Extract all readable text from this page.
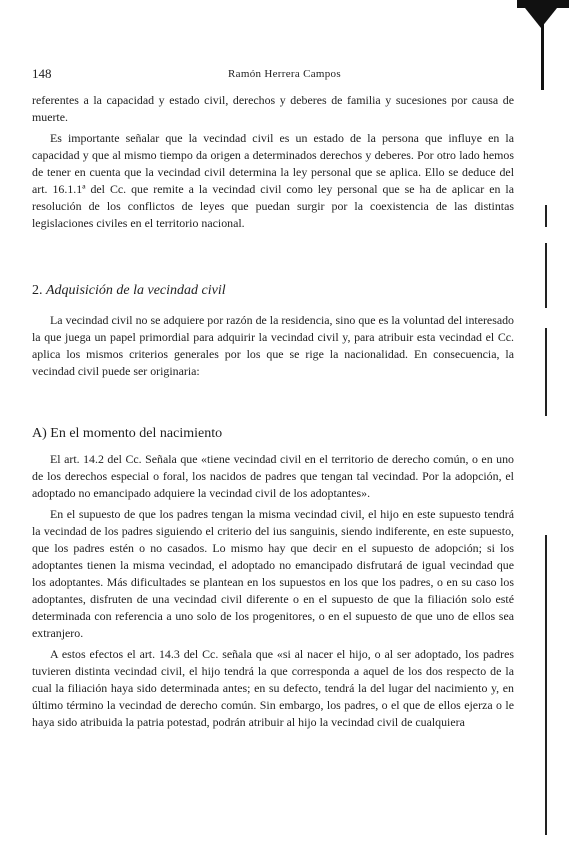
148	Ramón Herrera Campos

referentes a la capacidad y estado civil, derechos y deberes de familia y sucesiones por causa de muerte.

Es importante señalar que la vecindad civil es un estado de la persona que influye en la capacidad y que al mismo tiempo da origen a determinados derechos y deberes. Por otro lado hemos de tener en cuenta que la vecindad civil determina la ley personal que se aplica. Ello se deduce del art. 16.1.1ª del Cc. que remite a la vecindad civil como ley personal que se ha de aplicar en la resolución de los conflictos de leyes que puedan surgir por la coexistencia de las distintas legislaciones civiles en el territorio nacional.

2. Adquisición de la vecindad civil

La vecindad civil no se adquiere por razón de la residencia, sino que es la voluntad del interesado la que juega un papel primordial para adquirir la vecindad civil y, para atribuir esta vecindad el Cc. aplica los mismos criterios generales por los que se rige la nacionalidad. En consecuencia, la vecindad civil puede ser originaria:

A) En el momento del nacimiento

El art. 14.2 del Cc. Señala que «tiene vecindad civil en el territorio de derecho común, o en uno de los derechos especial o foral, los nacidos de padres que tengan tal vecindad. Por la adopción, el adoptado no emancipado adquiere la vecindad civil de los adoptantes».

En el supuesto de que los padres tengan la misma vecindad civil, el hijo en este supuesto tendrá la vecindad de los padres siguiendo el criterio del ius sanguinis, siendo indiferente, en este supuesto, que los padres estén o no casados. Lo mismo hay que decir en el supuesto de adopción; si los adoptantes tienen la misma vecindad, el adoptado no emancipado disfrutará de igual vecindad que los adoptantes. Más dificultades se plantean en los supuestos en los que los padres, o en su caso los adoptantes, disfruten de una vecindad civil diferente o en el supuesto de que la filiación solo esté determinada con referencia a uno solo de los progenitores, o en el supuesto de que uno de ellos sea extranjero.

A estos efectos el art. 14.3 del Cc. señala que «si al nacer el hijo, o al ser adoptado, los padres tuvieren distinta vecindad civil, el hijo tendrá la que corresponda a aquel de los dos respecto de la cual la filiación haya sido determinada antes; en su defecto, tendrá la del lugar del nacimiento y, en último término la vecindad de derecho común. Sin embargo, los padres, o el que de ellos ejerza o le haya sido atribuida la patria potestad, podrán atribuir al hijo la vecindad civil de cualquiera
